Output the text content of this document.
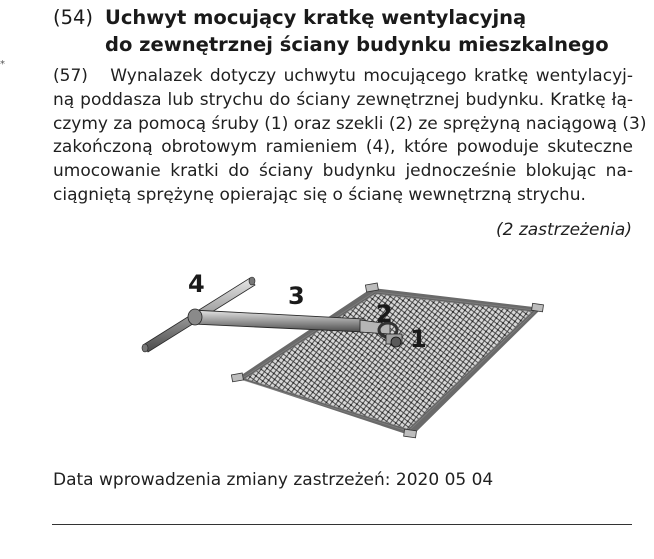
*
(54) Uchwyt mocujący kratkę wentylacyjną
do zewnętrznej ściany budynku mieszkalnego
(57) Wynalazek dotyczy uchwytu mocującego kratkę wentylacyj-
ną poddasza lub strychu do ściany zewnętrznej budynku. Kratkę łą-
czymy za pomocą śruby (1) oraz szekli (2) ze sprężyną naciągową (3)
zakończoną obrotowym ramieniem (4), które powoduje skuteczne
umocowanie kratki do ściany budynku jednocześnie blokując na-
ciągniętą sprężynę opierając się o ścianę wewnętrzną strychu.
(2 zastrzeżenia)
4	3
2
1
Data wprowadzenia zmiany zastrzeżeń: 2020 05 04
